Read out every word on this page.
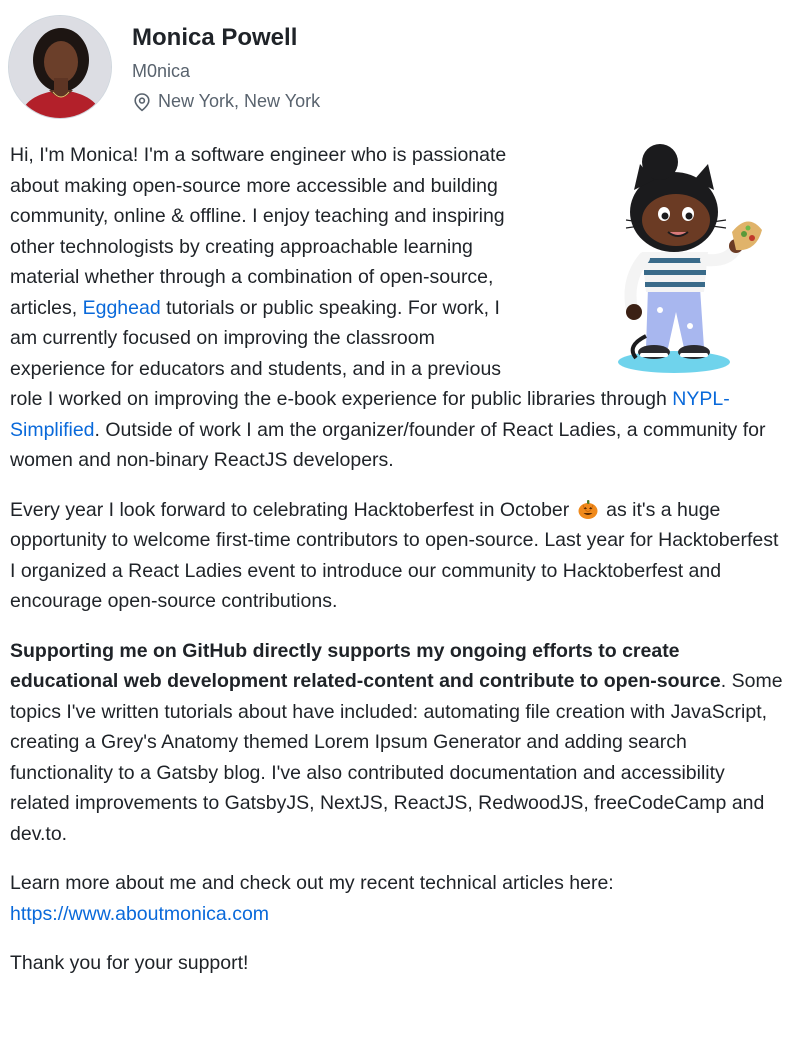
Monica Powell
M0nica
New York, New York

Hi, I'm Monica! I'm a software engineer who is passionate about making open-source more accessible and building community, online & offline. I enjoy teaching and inspiring other technologists by creating approachable learning material whether through a combination of open-source, articles, Egghead tutorials or public speaking. For work, I am currently focused on improving the classroom experience for educators and students, and in a previous role I worked on improving the e-book experience for public libraries through NYPL-Simplified. Outside of work I am the organizer/founder of React Ladies, a community for women and non-binary ReactJS developers.

Every year I look forward to celebrating Hacktoberfest in October  as it's a huge opportunity to welcome first-time contributors to open-source. Last year for Hacktoberfest I organized a React Ladies event to introduce our community to Hacktoberfest and encourage open-source contributions.

Supporting me on GitHub directly supports my ongoing efforts to create educational web development related-content and contribute to open-source. Some topics I've written tutorials about have included: automating file creation with JavaScript, creating a Grey's Anatomy themed Lorem Ipsum Generator and adding search functionality to a Gatsby blog. I've also contributed documentation and accessibility related improvements to GatsbyJS, NextJS, ReactJS, RedwoodJS, freeCodeCamp and dev.to.

Learn more about me and check out my recent technical articles here: https://www.aboutmonica.com

Thank you for your support!
